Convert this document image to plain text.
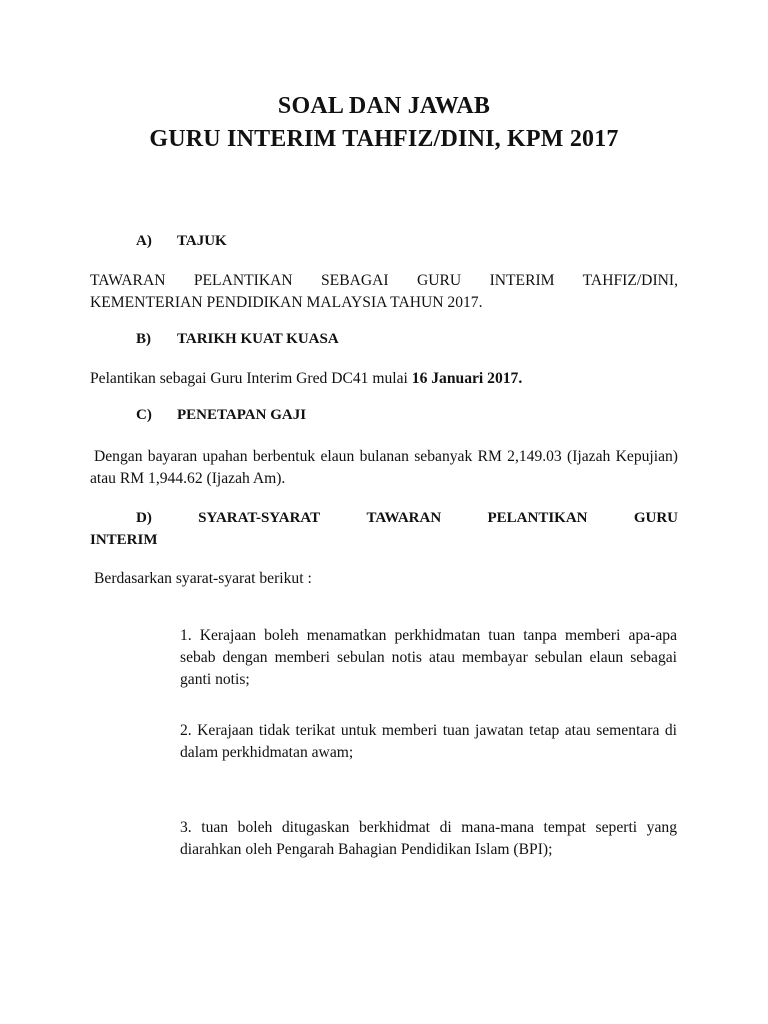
SOAL DAN JAWAB
GURU INTERIM TAHFIZ/DINI, KPM 2017
A) TAJUK
TAWARAN PELANTIKAN SEBAGAI GURU INTERIM TAHFIZ/DINI,
KEMENTERIAN PENDIDIKAN MALAYSIA TAHUN 2017.
B) TARIKH KUAT KUASA
Pelantikan sebagai Guru Interim Gred DC41 mulai 16 Januari 2017.
C) PENETAPAN GAJI
Dengan bayaran upahan berbentuk elaun bulanan sebanyak RM 2,149.03 (Ijazah Kepujian) atau RM 1,944.62 (Ijazah Am).
D)	SYARAT-SYARAT	TAWARAN	PELANTIKAN	GURU
INTERIM
Berdasarkan syarat-syarat berikut :
1. Kerajaan boleh menamatkan perkhidmatan tuan tanpa memberi apa-apa sebab dengan memberi sebulan notis atau membayar sebulan elaun sebagai ganti notis;
2. Kerajaan tidak terikat untuk memberi tuan jawatan tetap atau sementara di dalam perkhidmatan awam;
3. tuan boleh ditugaskan berkhidmat di mana-mana tempat seperti yang diarahkan oleh Pengarah Bahagian Pendidikan Islam (BPI);
